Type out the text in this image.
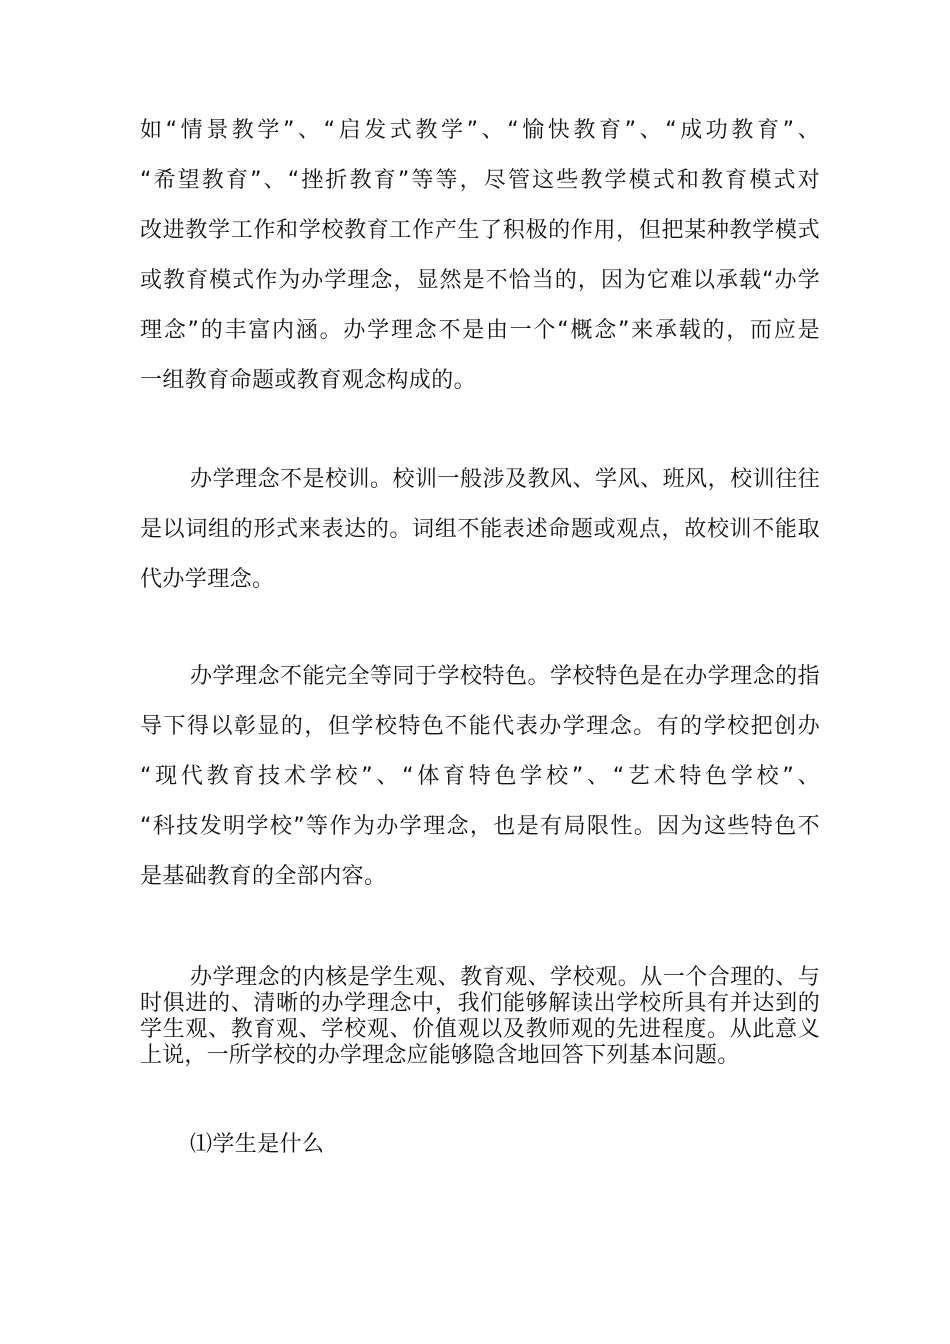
如“情景教学”、“启发式教学”、“愉快教育”、“成功教育”、
“希望教育”、“挫折教育”等等，尽管这些教学模式和教育模式对
改进教学工作和学校教育工作产生了积极的作用，但把某种教学模式
或教育模式作为办学理念，显然是不恰当的，因为它难以承载“办学
理念”的丰富内涵。办学理念不是由一个“概念”来承载的，而应是
一组教育命题或教育观念构成的。
办学理念不是校训。校训一般涉及教风、学风、班风，校训往往
是以词组的形式来表达的。词组不能表述命题或观点，故校训不能取
代办学理念。
办学理念不能完全等同于学校特色。学校特色是在办学理念的指
导下得以彰显的，但学校特色不能代表办学理念。有的学校把创办
“现代教育技术学校”、“体育特色学校”、“艺术特色学校”、
“科技发明学校”等作为办学理念，也是有局限性。因为这些特色不
是基础教育的全部内容。
办学理念的内核是学生观、教育观、学校观。从一个合理的、与
时俱进的、清晰的办学理念中，我们能够解读出学校所具有并达到的
学生观、教育观、学校观、价值观以及教师观的先进程度。从此意义
上说，一所学校的办学理念应能够隐含地回答下列基本问题。
⑴学生是什么
